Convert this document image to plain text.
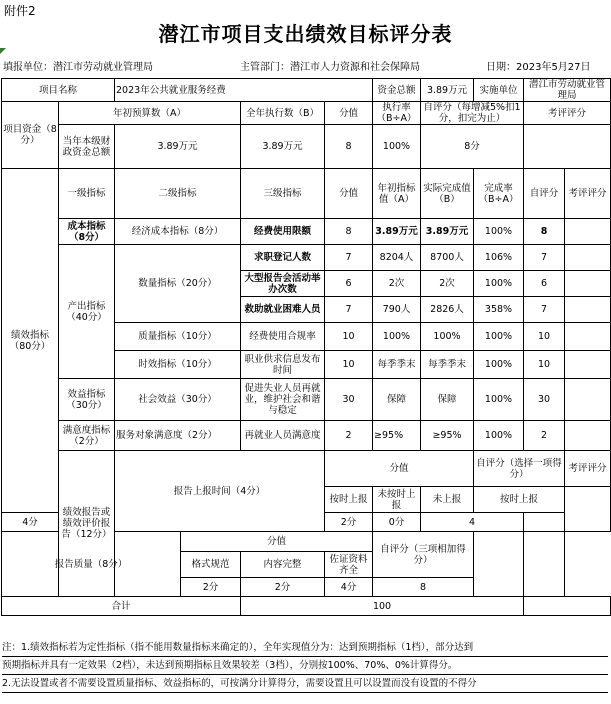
附件2
潜江市项目支出绩效目标评分表
填报单位：潜江市劳动就业管理局	主管部门：潜江市人力资源和社会保障局	日期：2023年5月27日
项目名称		2023年公共就业服务经费				资金总额	3.89万元	实施单位	潜江市劳动就业管理局		
项目资金（8分）	年初预算数（A）			全年执行数（B）	分值	执行率（B÷A）	自评分（每增减5%扣1分，扣完为止）		考评评分		
	当年本级财政资金总额	3.89万元		3.89万元	8	100%	8分				
绩效指标（80分）	一级指标	二级指标		三级指标	分值	年初指标值（A）	实际完成值（B）	完成率（B÷A）	自评分	考评评分	
	成本指标（8分）	经济成本指标（8分）		经费使用限额	8	3.89万元	3.89万元	100%	8		
	产出指标（40分）	数量指标（20分）		求职登记人数	7	8204人	8700人	106%	7		
				大型报告会活动举办次数	6	2次	2次	100%	6		
				救助就业困难人员	7	790人	2826人	358%	7		
		质量指标（10分）		经费使用合规率	10	100%	100%	100%	10		
		时效指标（10分）		职业供求信息发布时间	10	每季季末	每季季末	100%	10		
	效益指标（30分）	社会效益（30分）		促进失业人员再就业，维护社会和谐与稳定	30	保障	保障	100%	30		
	满意度指标（2分）	服务对象满意度（2分）		再就业人员满意度	2	≥95%	≥95%	100%	2		
	绩效报告或绩效评价报告（12分）	报告上报时间（4分）			分值			自评分（选择一项得分）		考评评分	
					按时上报	未按时上报	未上报	按时上报			
4分					2分	0分	4				
报告质量（8分）			分值			自评分（三项相加得分）					
			格式规范	内容完整	佐证资料齐全						
			2分	2分	4分	8					
合计				100							
注：1.绩效指标若为定性指标（指不能用数量指标来确定的），全年实现值分为：达到预期指标（1档），部分达到
预期指标并具有一定效果（2档），未达到预期指标且效果较差（3档），分别按100%、70%、0%计算得分。
2.无法设置或者不需要设置质量指标、效益指标的，可按满分计算得分，需要设置且可以设置而没有设置的不得分
